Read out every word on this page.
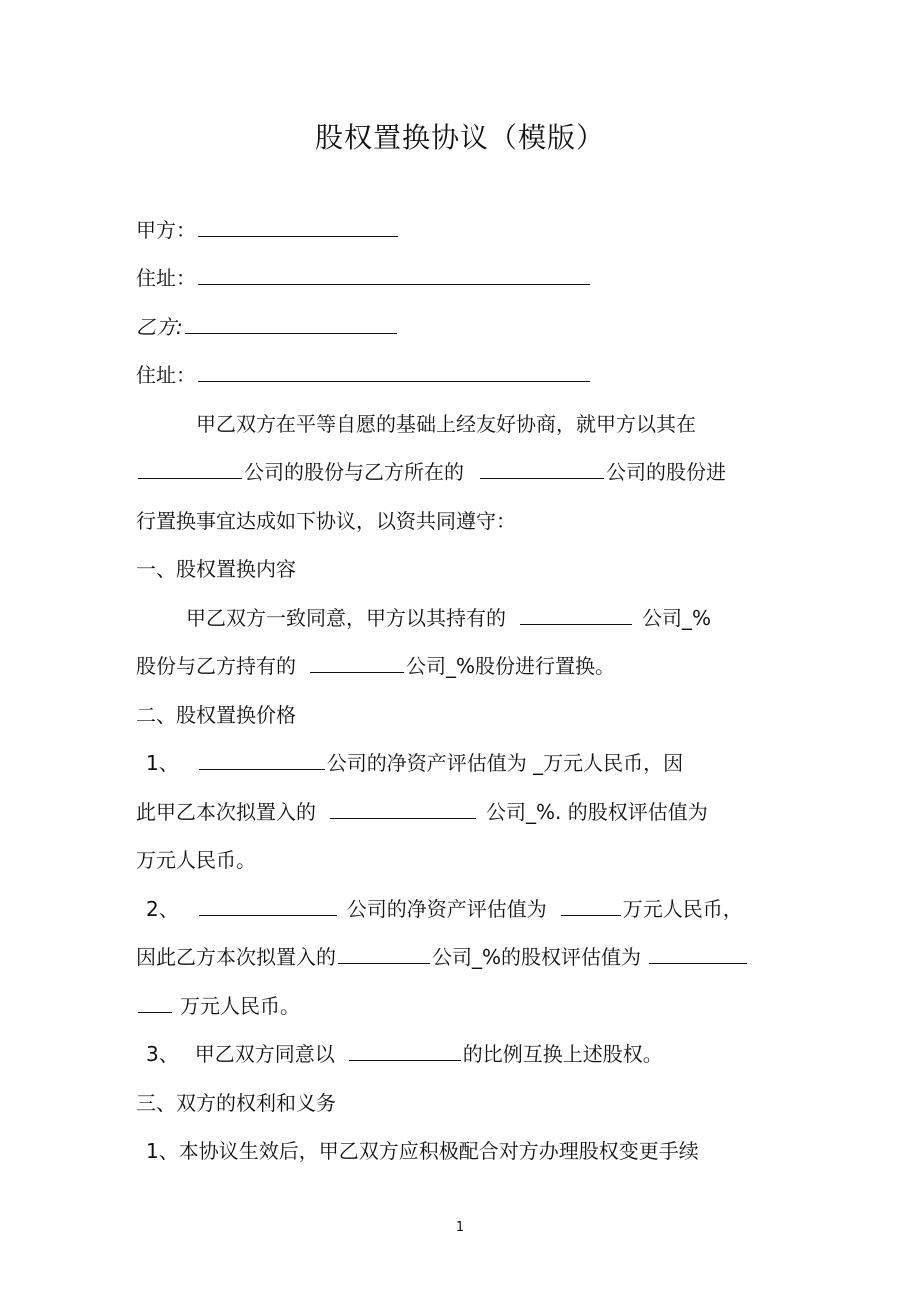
股权置换协议（模版）
甲方：
住址：
乙方:
住址：
甲乙双方在平等自愿的基础上经友好协商，就甲方以其在
公司的股份与乙方所在的	公司的股份进
行置换事宜达成如下协议，以资共同遵守：
一、股权置换内容
甲乙双方一致同意，甲方以其持有的	公司_%
股份与乙方持有的	公司_%股份进行置换。
二、股权置换价格
1、	公司的净资产评估值为 _万元人民币，因
此甲乙本次拟置入的	公司_%. 的股权评估值为
万元人民币。
2、	公司的净资产评估值为	万元人民币，
因此乙方本次拟置入的	公司_%的股权评估值为
万元人民币。
3、 甲乙双方同意以	的比例互换上述股权。
三、双方的权利和义务
1、本协议生效后，甲乙双方应积极配合对方办理股权变更手续
1
